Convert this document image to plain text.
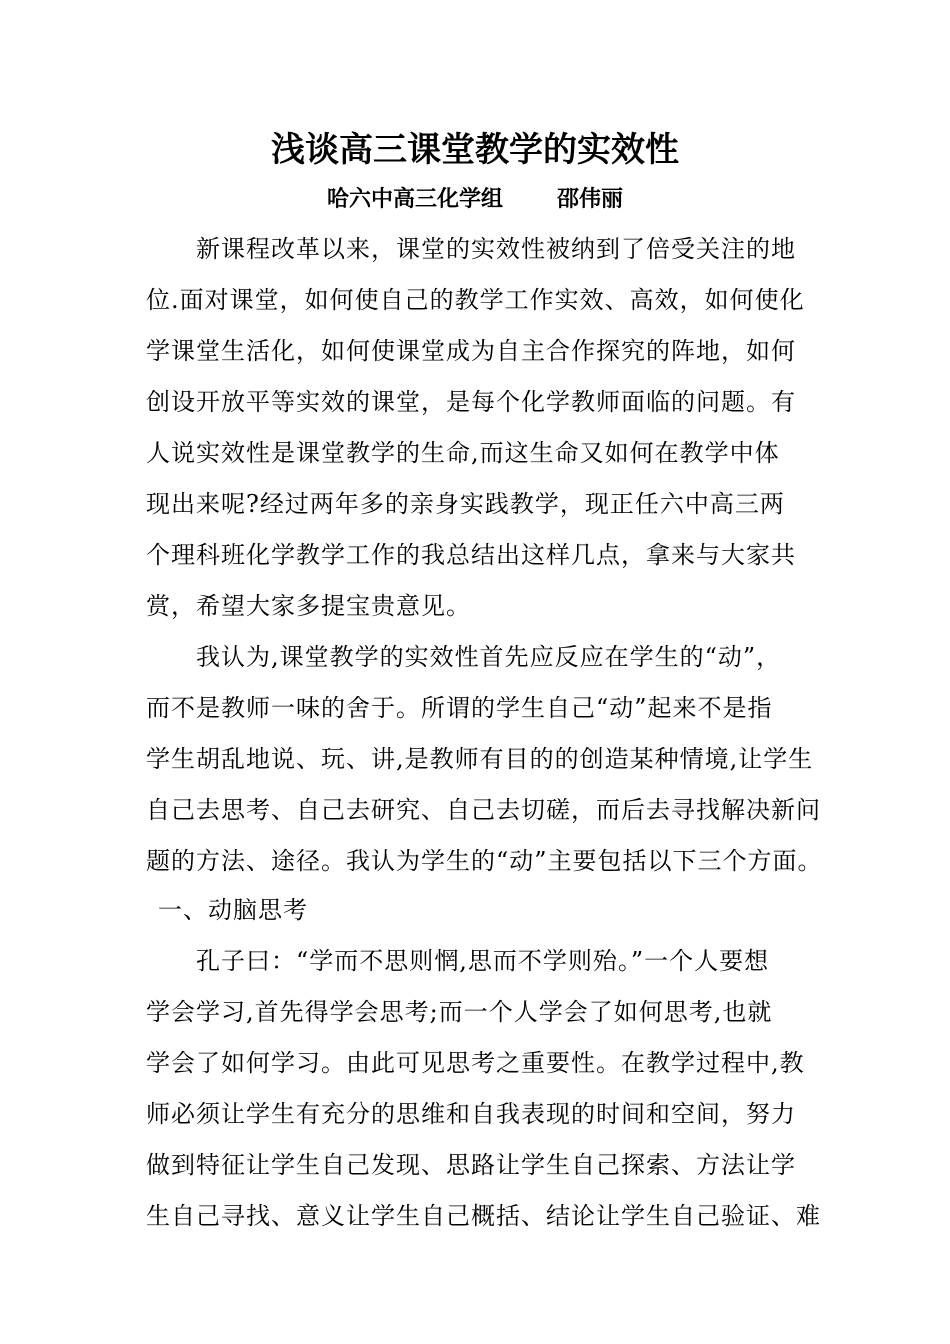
浅谈高三课堂教学的实效性
哈六中高三化学组 邵伟丽
新课程改革以来，课堂的实效性被纳到了倍受关注的地
位.面对课堂，如何使自己的教学工作实效、高效，如何使化
学课堂生活化，如何使课堂成为自主合作探究的阵地，如何
创设开放平等实效的课堂，是每个化学教师面临的问题。有
人说实效性是课堂教学的生命,而这生命又如何在教学中体
现出来呢?经过两年多的亲身实践教学，现正任六中高三两
个理科班化学教学工作的我总结出这样几点，拿来与大家共
赏，希望大家多提宝贵意见。
我认为,课堂教学的实效性首先应反应在学生的“动”，
而不是教师一味的舍于。所谓的学生自己“动”起来不是指
学生胡乱地说、玩、讲,是教师有目的的创造某种情境,让学生
自己去思考、自己去研究、自己去切磋，而后去寻找解决新问
题的方法、途径。我认为学生的“动”主要包括以下三个方面。
一、动脑思考
孔子曰：“学而不思则惘,思而不学则殆。”一个人要想
学会学习,首先得学会思考;而一个人学会了如何思考,也就
学会了如何学习。由此可见思考之重要性。在教学过程中,教
师必须让学生有充分的思维和自我表现的时间和空间，努力
做到特征让学生自己发现、思路让学生自己探索、方法让学
生自己寻找、意义让学生自己概括、结论让学生自己验证、难
